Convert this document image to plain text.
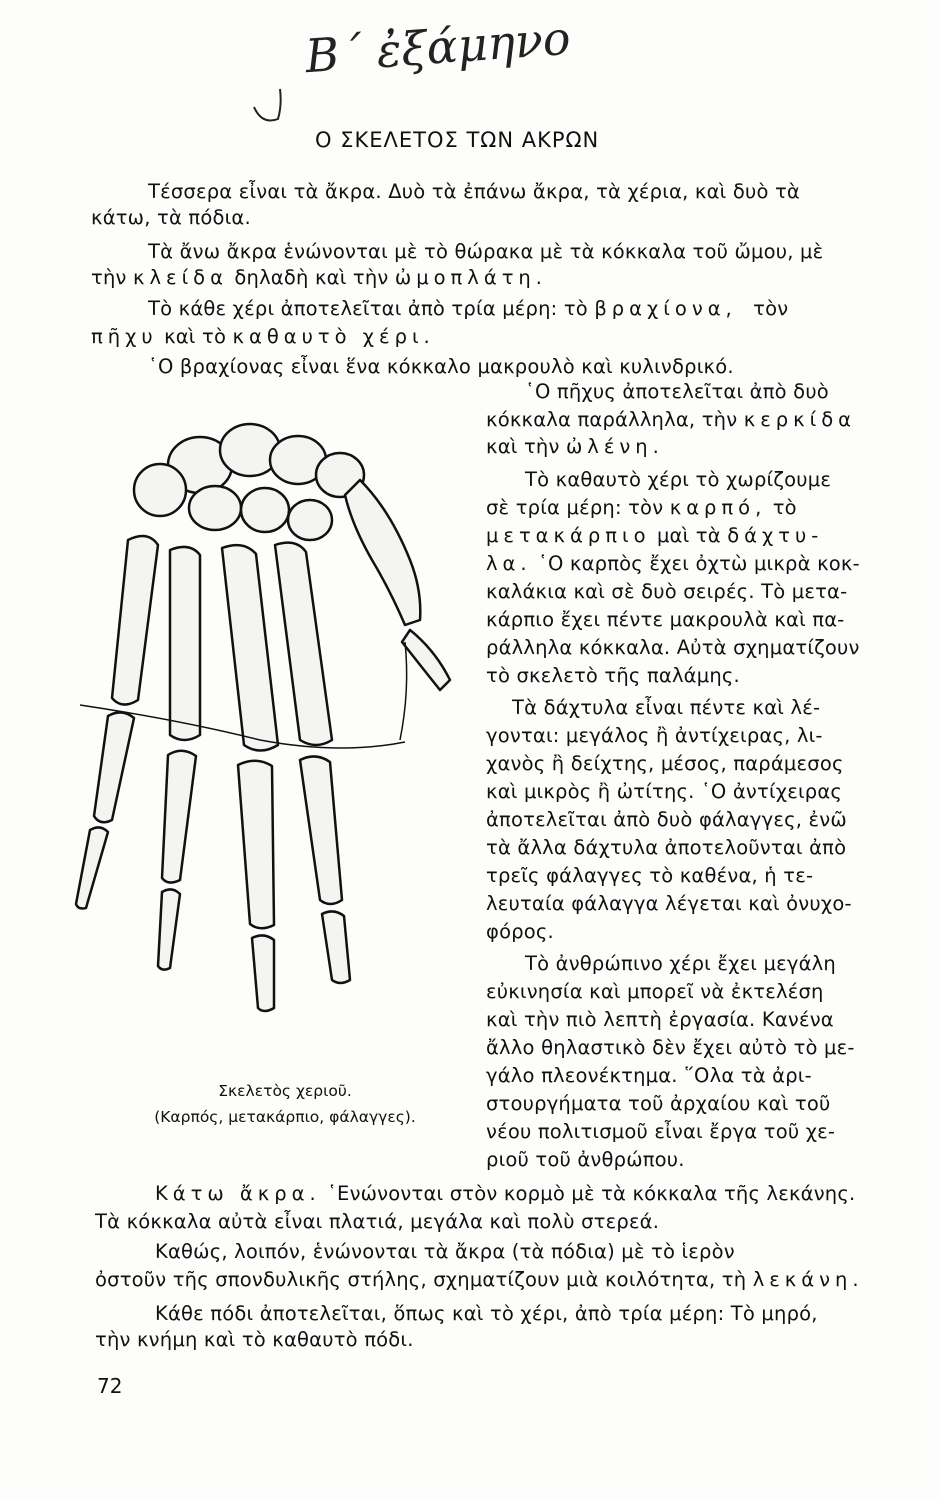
Β΄ ἐξάμηνο
Ο ΣΚΕΛΕΤΟΣ ΤΩΝ ΑΚΡΩΝ
Τέσσερα εἶναι τὰ ἄκρα. Δυὸ τὰ ἐπάνω ἄκρα, τὰ χέρια, καὶ δυὸ τὰ
κάτω, τὰ πόδια.
Τὰ ἄνω ἄκρα ἑνώνονται μὲ τὸ θώρακα μὲ τὰ κόκκαλα τοῦ ὤμου, μὲ
τὴν κλείδα δηλαδὴ καὶ τὴν ὠμοπλάτη.
Τὸ κάθε χέρι ἀποτελεῖται ἀπὸ τρία μέρη: τὸ βραχίονα, τὸν
πῆχυ καὶ τὸ καθαυτὸ χέρι.
῾Ο βραχίονας εἶναι ἕνα κόκκαλο μακρουλὸ καὶ κυλινδρικό.
῾Ο πῆχυς ἀποτελεῖται ἀπὸ δυὸ
κόκκαλα παράλληλα, τὴν κερκίδα
καὶ τὴν ὠλένη.
Τὸ καθαυτὸ χέρι τὸ χωρίζουμε
σὲ τρία μέρη: τὸν καρπό, τὸ
μετακάρπιο μαὶ τὰ δάχτυ-
λα. ῾Ο καρπὸς ἔχει ὀχτὼ μικρὰ κοκ-
καλάκια καὶ σὲ δυὸ σειρές. Τὸ μετα-
κάρπιο ἔχει πέντε μακρουλὰ καὶ πα-
ράλληλα κόκκαλα. Αὐτὰ σχηματίζουν
τὸ σκελετὸ τῆς παλάμης.
Τὰ δάχτυλα εἶναι πέντε καὶ λέ-
γονται: μεγάλος ἢ ἀντίχειρας, λι-
χανὸς ἢ δείχτης, μέσος, παράμεσος
καὶ μικρὸς ἢ ὠτίτης. ῾Ο ἀντίχειρας
ἀποτελεῖται ἀπὸ δυὸ φάλαγγες, ἐνῶ
τὰ ἄλλα δάχτυλα ἀποτελοῦνται ἀπὸ
τρεῖς φάλαγγες τὸ καθένα, ἡ τε-
λευταία φάλαγγα λέγεται καὶ ὀνυχο-
φόρος.
Τὸ ἀνθρώπινο χέρι ἔχει μεγάλη
εὐκινησία καὶ μπορεῖ νὰ ἐκτελέση
καὶ τὴν πιὸ λεπτὴ ἐργασία. Κανένα
ἄλλο θηλαστικὸ δὲν ἔχει αὐτὸ τὸ με-
γάλο πλεονέκτημα. ῞Ολα τὰ ἀρι-
στουργήματα τοῦ ἀρχαίου καὶ τοῦ
νέου πολιτισμοῦ εἶναι ἔργα τοῦ χε-
ριοῦ τοῦ ἀνθρώπου.
Σκελετὸς χεριοῦ.
(Καρπός, μετακάρπιο, φάλαγγες).
Κάτω ἄκρα. ῾Ενώνονται στὸν κορμὸ μὲ τὰ κόκκαλα τῆς λεκάνης.
Τὰ κόκκαλα αὐτὰ εἶναι πλατιά, μεγάλα καὶ πολὺ στερεά.
Καθώς, λοιπόν, ἑνώνονται τὰ ἄκρα (τὰ πόδια) μὲ τὸ ἱερὸν
ὀστοῦν τῆς σπονδυλικῆς στήλης, σχηματίζουν μιὰ κοιλότητα, τὴ λεκάνη.
Κάθε πόδι ἀποτελεῖται, ὅπως καὶ τὸ χέρι, ἀπὸ τρία μέρη: Τὸ μηρό,
τὴν κνήμη καὶ τὸ καθαυτὸ πόδι.
72
